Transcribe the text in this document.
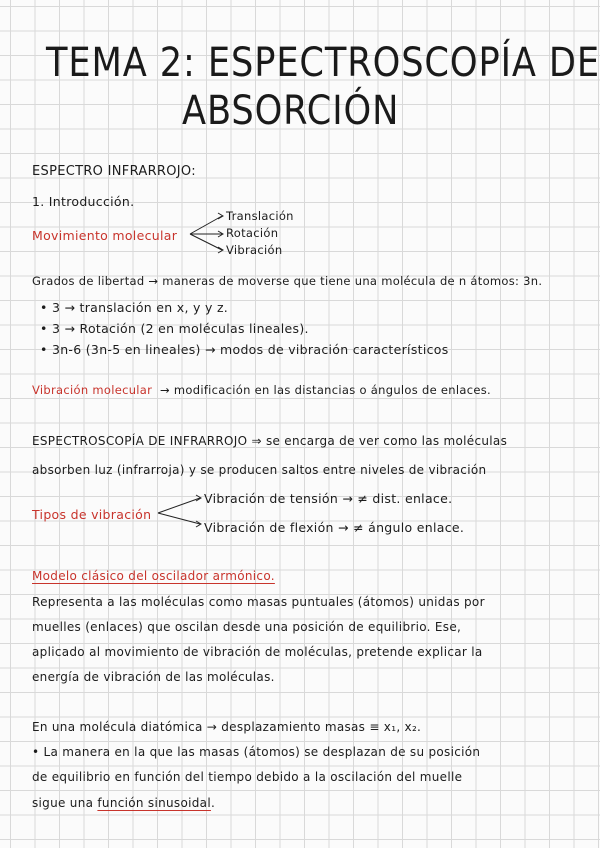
TEMA 2: ESPECTROSCOPÍA DE
ABSORCIÓN
ESPECTRO INFRARROJO:
1. Introducción.
Movimiento molecular
Translación
Rotación
Vibración
Grados de libertad → maneras de moverse que tiene una molécula de n átomos: 3n.
• 3 → translación en x, y y z.
• 3 → Rotación (2 en moléculas lineales).
• 3n-6 (3n-5 en lineales) → modos de vibración característicos
Vibración molecular → modificación en las distancias o ángulos de enlaces.
ESPECTROSCOPÍA DE INFRARROJO ⇒ se encarga de ver como las moléculas
absorben luz (infrarroja) y se producen saltos entre niveles de vibración
Tipos de vibración
Vibración de tensión → ≠ dist. enlace.
Vibración de flexión → ≠ ángulo enlace.
Modelo clásico del oscilador armónico.
Representa a las moléculas como masas puntuales (átomos) unidas por
muelles (enlaces) que oscilan desde una posición de equilibrio. Ese,
aplicado al movimiento de vibración de moléculas, pretende explicar la
energía de vibración de las moléculas.
En una molécula diatómica → desplazamiento masas ≡ x₁, x₂.
• La manera en la que las masas (átomos) se desplazan de su posición
de equilibrio en función del tiempo debido a la oscilación del muelle
sigue una función sinusoidal.
